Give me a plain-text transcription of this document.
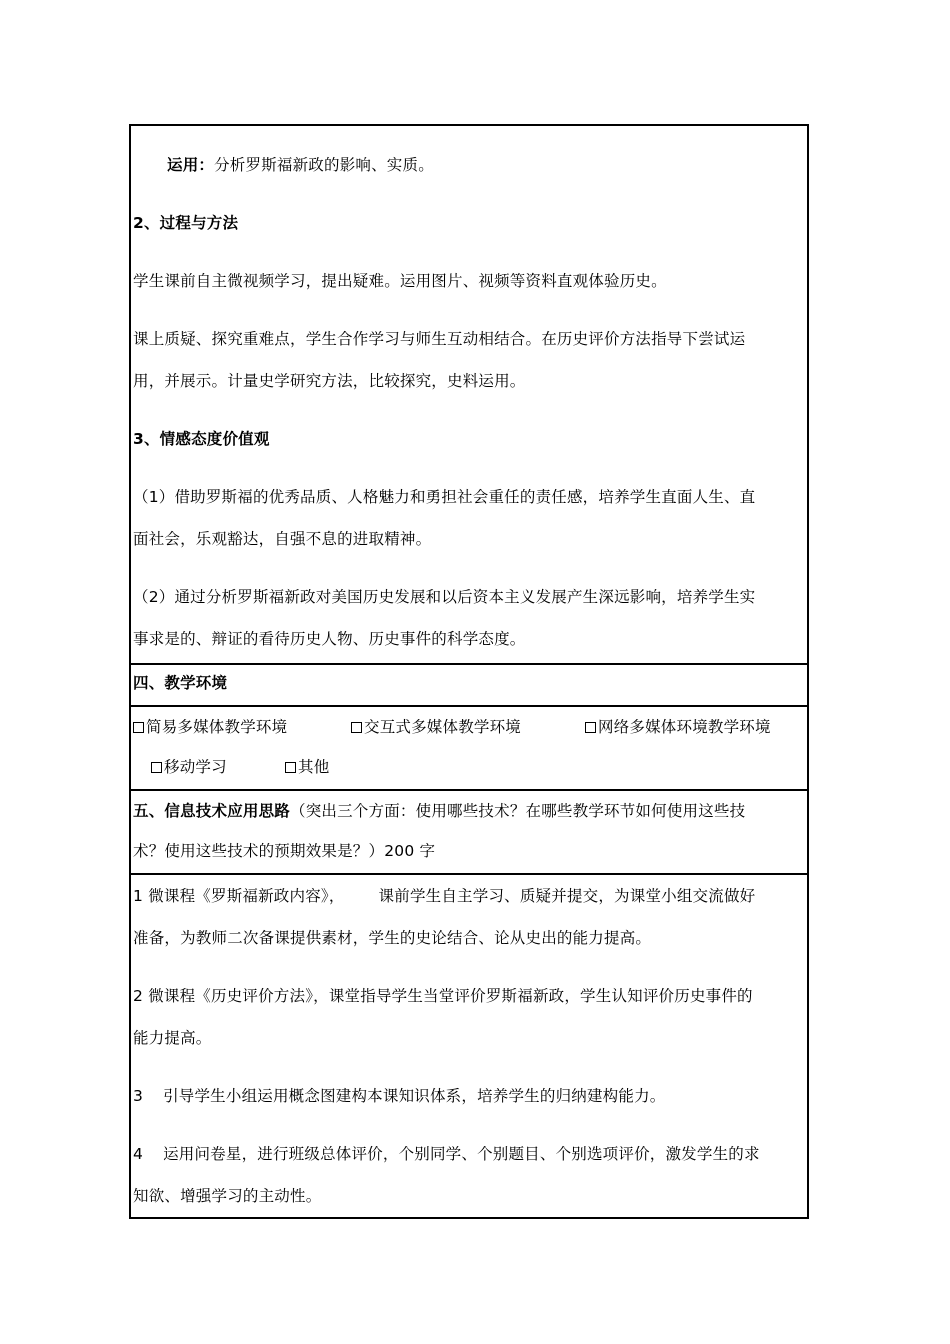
运用：分析罗斯福新政的影响、实质。
2、过程与方法
学生课前自主微视频学习，提出疑难。运用图片、视频等资料直观体验历史。
课上质疑、探究重难点，学生合作学习与师生互动相结合。在历史评价方法指导下尝试运
用，并展示。计量史学研究方法，比较探究，史料运用。
3、情感态度价值观
（1）借助罗斯福的优秀品质、人格魅力和勇担社会重任的责任感，培养学生直面人生、直
面社会，乐观豁达，自强不息的进取精神。
（2）通过分析罗斯福新政对美国历史发展和以后资本主义发展产生深远影响，培养学生实
事求是的、辩证的看待历史人物、历史事件的科学态度。
四、教学环境
简易多媒体教学环境	交互式多媒体教学环境	网络多媒体环境教学环境
移动学习	其他
五、信息技术应用思路（突出三个方面：使用哪些技术？在哪些教学环节如何使用这些技
术？使用这些技术的预期效果是？）200 字
1 微课程《罗斯福新政内容》， 课前学生自主学习、质疑并提交，为课堂小组交流做好
准备，为教师二次备课提供素材，学生的史论结合、论从史出的能力提高。
2 微课程《历史评价方法》，课堂指导学生当堂评价罗斯福新政，学生认知评价历史事件的
能力提高。
3 引导学生小组运用概念图建构本课知识体系，培养学生的归纳建构能力。
4 运用问卷星，进行班级总体评价，个别同学、个别题目、个别选项评价，激发学生的求
知欲、增强学习的主动性。
